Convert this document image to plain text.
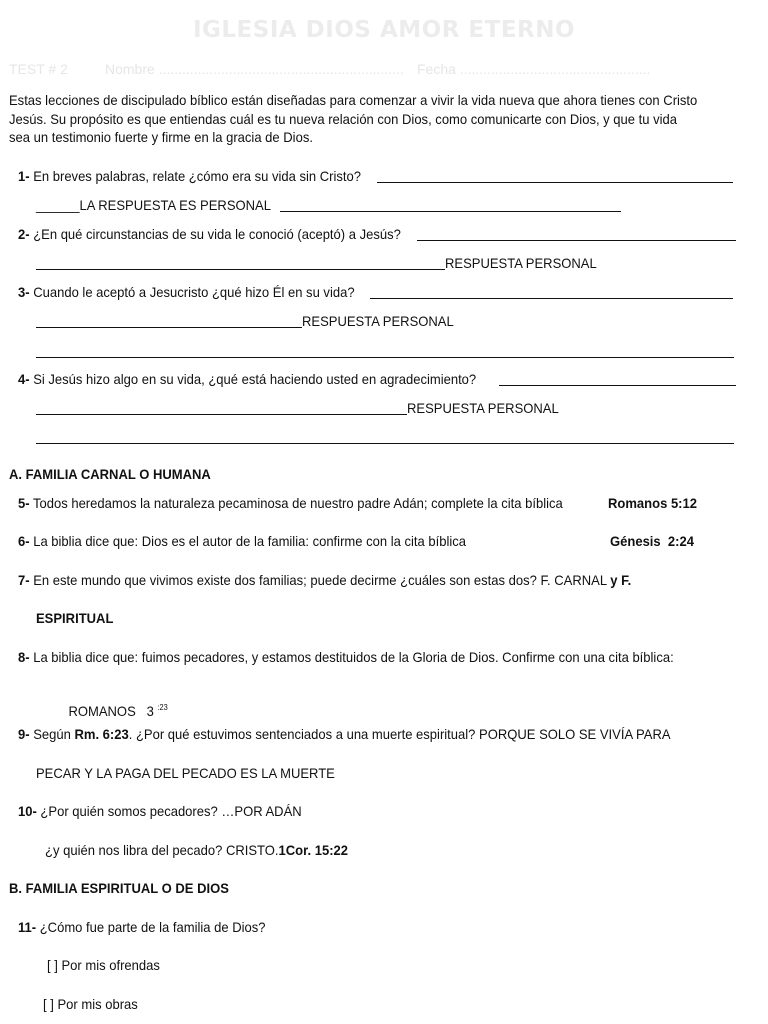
IGLESIA DIOS AMOR ETERNO
TEST # 2	Nombre ............................................................... Fecha .................................................
Estas lecciones de discipulado bíblico están diseñadas para comenzar a vivir la vida nueva que ahora tienes con Cristo Jesús. Su propósito es que entiendas cuál es tu nueva relación con Dios, como comunicarte con Dios, y que tu vida sea un testimonio fuerte y firme en la gracia de Dios.
1- En breves palabras, relate ¿cómo era su vida sin Cristo?
______LA RESPUESTA ES PERSONAL
2- ¿En qué circunstancias de su vida le conoció (aceptó) a Jesús?
RESPUESTA PERSONAL
3- Cuando le aceptó a Jesucristo ¿qué hizo Él en su vida?
RESPUESTA PERSONAL
4- Si Jesús hizo algo en su vida, ¿qué está haciendo usted en agradecimiento?
RESPUESTA PERSONAL
A. FAMILIA CARNAL O HUMANA
5- Todos heredamos la naturaleza pecaminosa de nuestro padre Adán; complete la cita bíblica	Romanos 5:12
6- La biblia dice que: Dios es el autor de la familia: confirme con la cita bíblica	Génesis  2:24
7- En este mundo que vivimos existe dos familias; puede decirme ¿cuáles son estas dos? F. CARNAL y F.
ESPIRITUAL
8- La biblia dice que: fuimos pecadores, y estamos destituidos de la Gloria de Dios. Confirme con una cita bíblica:

ROMANOS   3 $^{:23}$

9- Según Rm. 6:23. ¿Por qué estuvimos sentenciados a una muerte espiritual? PORQUE SOLO SE VIVÍA PARA
PECAR Y LA PAGA DEL PECADO ES LA MUERTE
10- ¿Por quién somos pecadores? …POR ADÁN
¿y quién nos libra del pecado? CRISTO.1Cor. 15:22
B. FAMILIA ESPIRITUAL O DE DIOS
11- ¿Cómo fue parte de la familia de Dios?
[ ] Por mis ofrendas
[ ] Por mis obras
